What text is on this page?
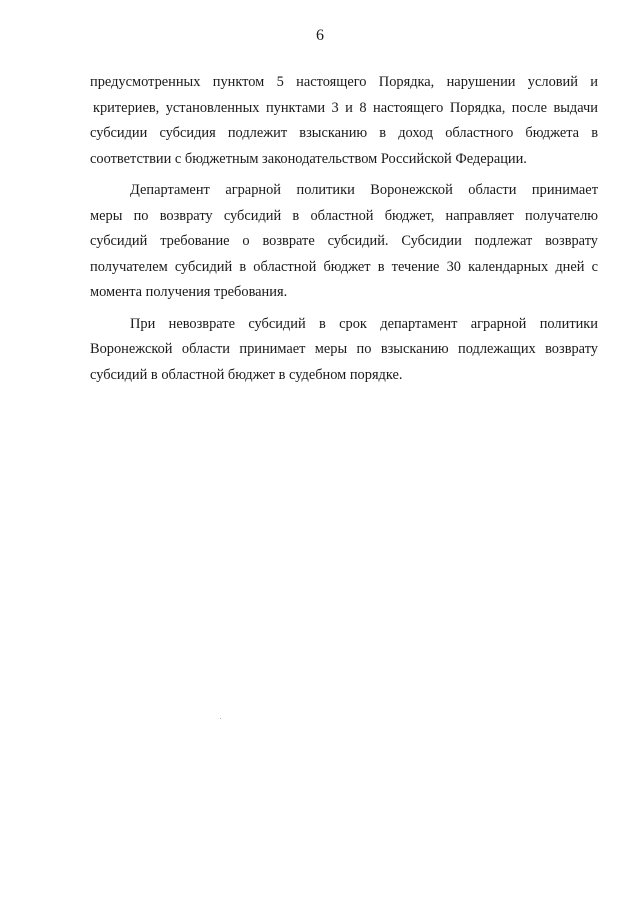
6
предусмотренных пунктом 5 настоящего Порядка, нарушении условий и
критериев, установленных пунктами 3 и 8 настоящего Порядка, после выдачи
субсидии субсидия подлежит взысканию в доход областного бюджета в
соответствии с бюджетным законодательством Российской Федерации.
Департамент аграрной политики Воронежской области принимает
меры по возврату субсидий в областной бюджет, направляет получателю
субсидий требование о возврате субсидий. Субсидии подлежат возврату
получателем субсидий в областной бюджет в течение 30 календарных дней с
момента получения требования.
При невозврате субсидий в срок департамент аграрной политики
Воронежской области принимает меры по взысканию подлежащих возврату
субсидий в областной бюджет в судебном порядке.
